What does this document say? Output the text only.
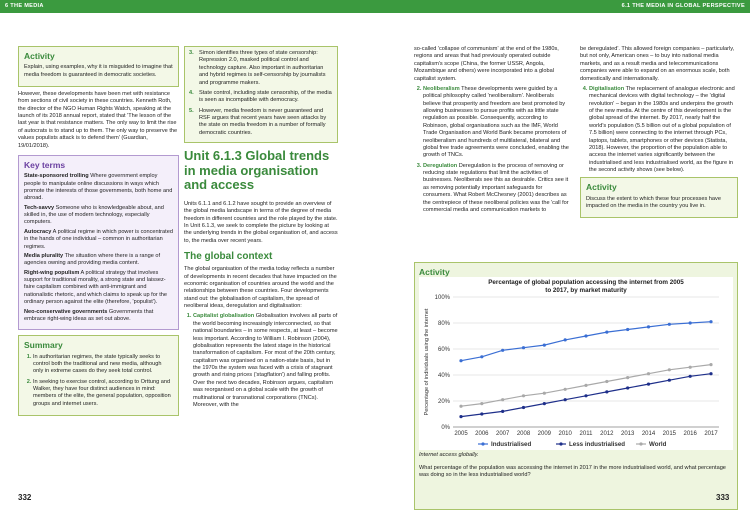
6 THE MEDIA	6.1 THE MEDIA IN GLOBAL PERSPECTIVE
Activity

Explain, using examples, why it is misguided to imagine that media freedom is guaranteed in democratic societies.

However, these developments have been met with resistance from sections of civil society in these countries. Kenneth Roth, the director of the NGO Human Rights Watch, speaking at the launch of its 2018 annual report, stated that 'The lesson of the last year is that resistance matters. The only way to limit the rise of autocrats is to stand up to them. The only way to preserve the values populists attack is to defend them' (Guardian, 19/01/2018).

Key terms

State-sponsored trolling Where government employ people to manipulate online discussions in ways which promote the interests of those governments, both home and abroad.

Tech-savvy Someone who is knowledgeable about, and skilled in, the use of modern technology, especially computers.

Autocracy A political regime in which power is concentrated in the hands of one individual – common in authoritarian regimes.

Media plurality The situation where there is a range of agencies owning and providing media content.

Right-wing populism A political strategy that involves support for traditional morality, a strong state and laissez-faire capitalism combined with anti-immigrant and nationalistic rhetoric, and which claims to speak up for the ordinary person against the elite (therefore, 'populist').

Neo-conservative governments Governments that embrace right-wing ideas as set out above.

Summary
1. In authoritarian regimes, the state typically seeks to control both the traditional and new media, although only in extreme cases do they seek total control.
2. In seeking to exercise control, according to Orttung and Walker, they have four distinct audiences in mind: members of the elite, the general population, opposition groups and internet users.
332
3. Simon identifies three types of state censorship: Repression 2.0, masked political control and technology capture. Also important in authoritarian and hybrid regimes is self-censorship by journalists and programme makers.
4. State control, including state censorship, of the media is seen as incompatible with democracy.
5. However, media freedom is never guaranteed and RSF argues that recent years have seen attacks by the state on media freedom in a number of formally democratic countries.
Unit 6.1.3 Global trends in media organisation and access

Units 6.1.1 and 6.1.2 have sought to provide an overview of the global media landscape in terms of the degree of media freedom in different countries and the role played by the state. In Unit 6.1.3, we seek to complete the picture by looking at the underlying trends in the global organisation of, and access to, the media over recent years.

The global context

The global organisation of the media today reflects a number of developments in recent decades that have impacted on the economic organisation of countries around the world and the relationships between these countries. Four developments stand out: the globalisation of capitalism, the spread of neoliberal ideas, deregulation and digitalisation:

1. Capitalist globalisation Globalisation involves all parts of the world becoming increasingly interconnected, so that national boundaries – in some respects, at least – become less important. According to William I. Robinson (2004), globalisation represents the latest stage in the historical transformation of capitalism. For most of the 20th century, capitalism was organised on a nation-state basis, but in the 1970s the system was faced with a crisis of stagnant growth and rising prices ('stagflation') and falling profits. Over the next two decades, Robinson argues, capitalism was reorganised on a global scale with the growth of multinational or transnational corporations (TNCs). Moreover, with the

so-called 'collapse of communism' at the end of the 1980s, regions and areas that had previously operated outside capitalism's scope (China, the former USSR, Angola, Mozambique and others) were incorporated into a global capitalist system.

2. Neoliberalism These developments were guided by a political philosophy called 'neoliberalism'. Neoliberals believe that prosperity and freedom are best promoted by allowing businesses to pursue profits with as little state regulation as possible. Consequently, according to Robinson, global organisations such as the IMF, World Trade Organisation and World Bank became promoters of neoliberalism and hundreds of multilateral, bilateral and global free trade agreements were concluded, enabling the growth of TNCs.
3. Deregulation Deregulation is the process of removing or reducing state regulations that limit the activities of businesses. Neoliberals see this as desirable. Critics see it as removing potentially important safeguards for consumers. What Robert McChesney (2001) describes as the centrepiece of these neoliberal policies was the 'call for commercial media and communication markets to

be deregulated'. This allowed foreign companies – particularly, but not only, American ones – to buy into national media markets, and as a result media and telecommunications companies were able to expand on an enormous scale, both domestically and internationally.

4. Digitalisation The replacement of analogue electronic and mechanical devices with digital technology – the 'digital revolution' – began in the 1980s and underpins the growth of the new media. At the centre of this development is the global spread of the internet. By 2017, nearly half the world's population (5.5 billion out of a global population of 7.5 billion) were connecting to the internet through PCs, laptops, tablets, smartphones or other devices (Statista, 2018). However, the proportion of the population able to access the internet varies significantly between the industrialised and less industrialised world, as the figure in the second activity shows (see below).
Activity

Discuss the extent to which these four processes have impacted on the media in the country you live in.

Activity
Percentage of global population accessing the internet from 2005
to 2017, by market maturity
0%
20%
40%
60%
80%
100%
2005 2006 2007 2008 2009 2010 2011 2012 2013 2014 2015 2016 2017
Percentage of individuals using the internet
Industrialised	Less industrialised	World
Internet access globally.
What percentage of the population was accessing the internet in 2017 in the more industrialised world, and what percentage was doing so in the less industrialised world?
333
